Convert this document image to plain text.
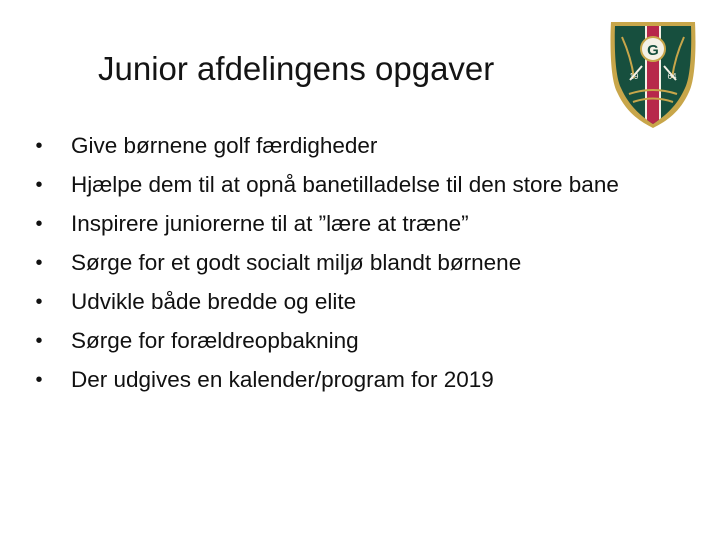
Junior afdelingens opgaver	G
19	64
• Give børnene golf færdigheder
• Hjælpe dem til at opnå banetilladelse til den store bane
• Inspirere juniorerne til at ”lære at træne”
• Sørge for et godt socialt miljø blandt børnene
• Udvikle både bredde og elite
• Sørge for forældreopbakning
• Der udgives en kalender/program for 2019
